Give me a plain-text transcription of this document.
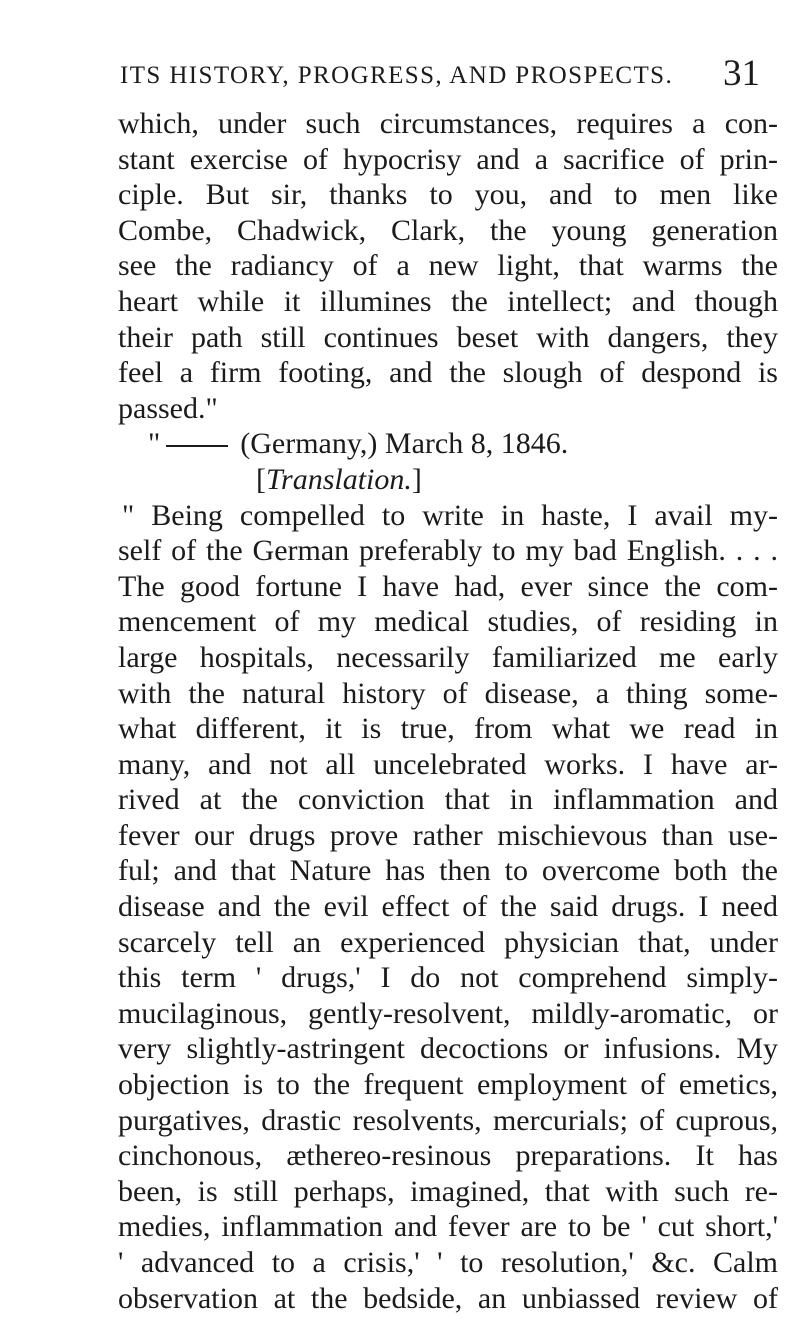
ITS HISTORY, PROGRESS, AND PROSPECTS. 31
which, under such circumstances, requires a con-
stant exercise of hypocrisy and a sacrifice of prin-
ciple. But sir, thanks to you, and to men like
Combe, Chadwick, Clark, the young generation
see the radiancy of a new light, that warms the
heart while it illumines the intellect; and though
their path still continues beset with dangers, they
feel a firm footing, and the slough of despond is
passed."
"	(Germany,) March 8, 1846.
[Translation.]
" Being compelled to write in haste, I avail my-
self of the German preferably to my bad English. . . .
The good fortune I have had, ever since the com-
mencement of my medical studies, of residing in
large hospitals, necessarily familiarized me early
with the natural history of disease, a thing some-
what different, it is true, from what we read in
many, and not all uncelebrated works. I have ar-
rived at the conviction that in inflammation and
fever our drugs prove rather mischievous than use-
ful; and that Nature has then to overcome both the
disease and the evil effect of the said drugs. I need
scarcely tell an experienced physician that, under
this term ' drugs,' I do not comprehend simply-
mucilaginous, gently-resolvent, mildly-aromatic, or
very slightly-astringent decoctions or infusions. My
objection is to the frequent employment of emetics,
purgatives, drastic resolvents, mercurials; of cuprous,
cinchonous, æthereo-resinous preparations. It has
been, is still perhaps, imagined, that with such re-
medies, inflammation and fever are to be ' cut short,'
' advanced to a crisis,' ' to resolution,' &c. Calm
observation at the bedside, an unbiassed review of
